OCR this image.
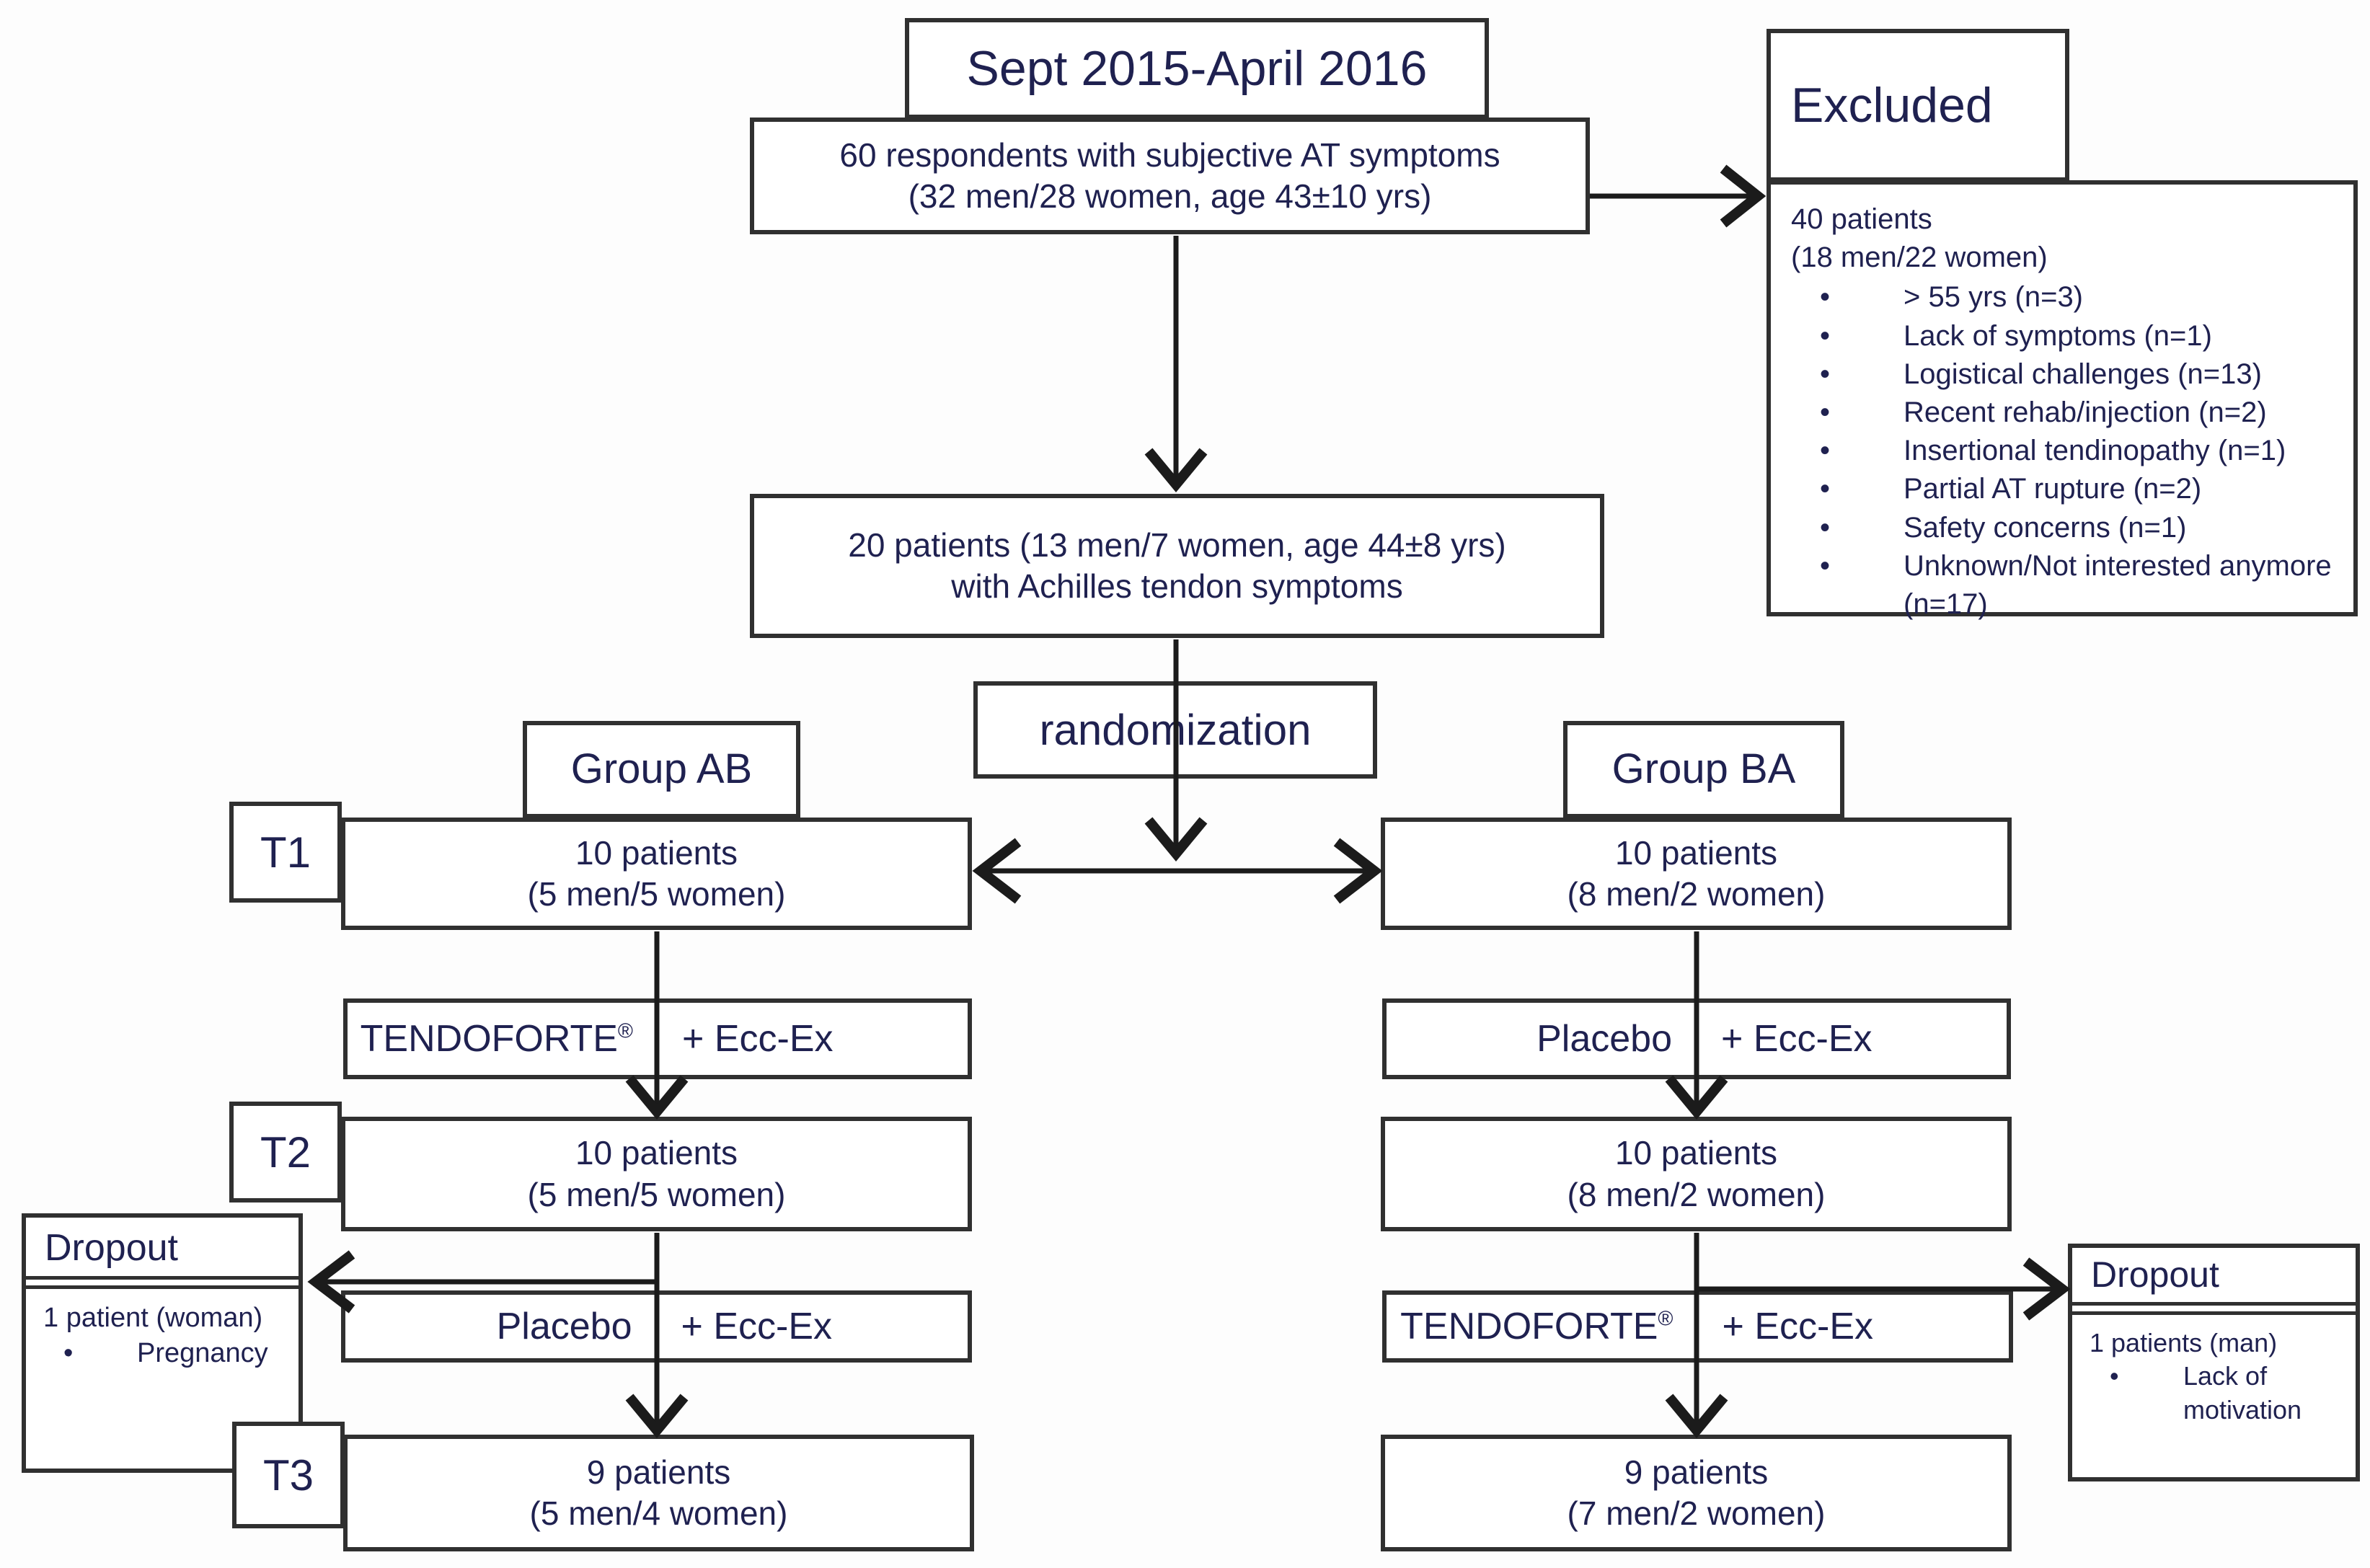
Sept 2015-April 2016
60 respondents with subjective AT symptoms
(32 men/28 women, age 43±10 yrs)
Excluded

40 patients

(18 men/22 women)

• > 55 yrs (n=3)
• Lack of symptoms (n=1)
• Logistical challenges (n=13)
• Recent rehab/injection (n=2)
• Insertional tendinopathy (n=1)
• Partial AT rupture (n=2)
• Safety concerns (n=1)
• Unknown/Not interested anymore (n=17)
20 patients (13 men/7 women, age 44±8 yrs)
with Achilles tendon symptoms
randomization
Group AB	Group BA
T1
T2
T3
10 patients
(5 men/5 women)
TENDOFORTE®	+ Ecc-Ex
10 patients
(5 men/5 women)
Placebo	+ Ecc-Ex
9 patients
(5 men/4 women)
10 patients
(8 men/2 women)
Placebo	+ Ecc-Ex
10 patients
(8 men/2 women)
TENDOFORTE®	+ Ecc-Ex
9 patients
(7 men/2 women)
Dropout

1 patient (woman)

• Pregnancy
Dropout

1 patients (man)

• Lack of motivation
